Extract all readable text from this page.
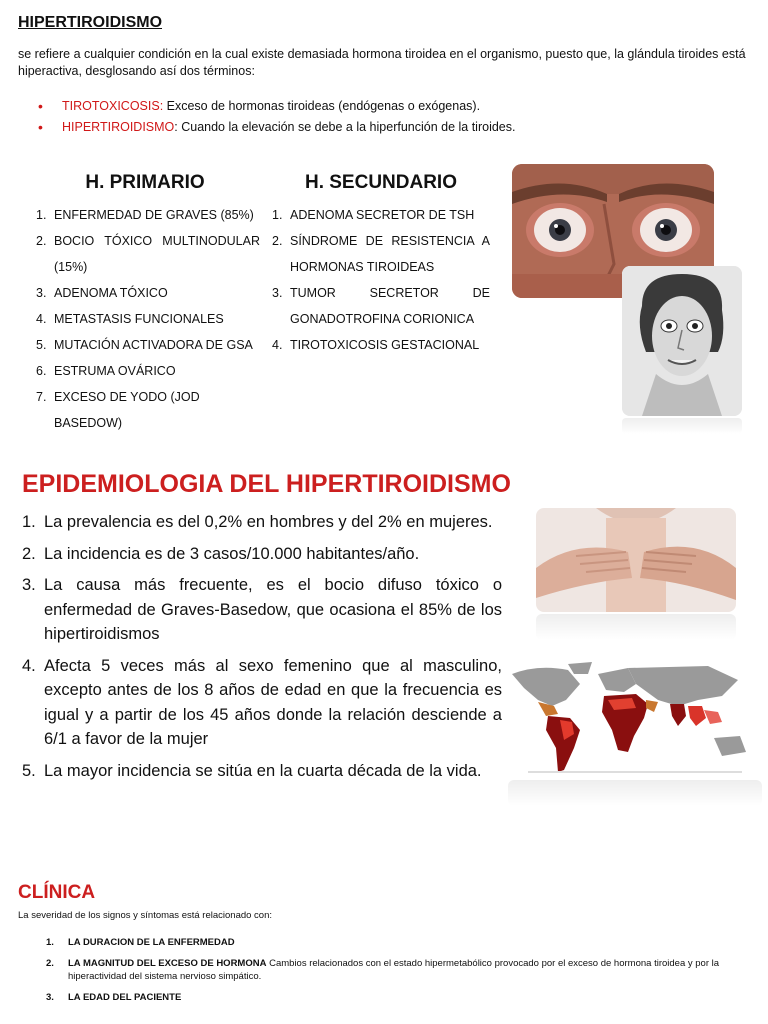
HIPERTIROIDISMO
se refiere a cualquier condición en la cual existe demasiada hormona tiroidea en el organismo, puesto que, la glándula tiroides está hiperactiva, desglosando así dos términos:
• TIROTOXICOSIS: Exceso de hormonas tiroideas (endógenas o exógenas).
• HIPERTIROIDISMO: Cuando la elevación se debe a la hiperfunción de la tiroides.
H. PRIMARIO
1. ENFERMEDAD DE GRAVES (85%)
2. BOCIO TÓXICO MULTINODULAR (15%)
3. ADENOMA TÓXICO
4. METASTASIS FUNCIONALES
5. MUTACIÓN ACTIVADORA DE GSA
6. ESTRUMA OVÁRICO
7. EXCESO DE YODO (JOD BASEDOW)
H. SECUNDARIO
1. ADENOMA SECRETOR DE TSH
2. SÍNDROME DE RESISTENCIA A HORMONAS TIROIDEAS
3. TUMOR SECRETOR DE GONADOTROFINA CORIONICA
4. TIROTOXICOSIS GESTACIONAL
EPIDEMIOLOGIA DEL HIPERTIROIDISMO
1. La prevalencia es del 0,2% en hombres y del 2% en mujeres.
2. La incidencia es de 3 casos/10.000 habitantes/año.
3. La causa más frecuente, es el bocio difuso tóxico o enfermedad de Graves-Basedow, que ocasiona el 85% de los hipertiroidismos
4. Afecta 5 veces más al sexo femenino que al masculino, excepto antes de los 8 años de edad en que la frecuencia es igual y a partir de los 45 años donde la relación desciende a 6/1 a favor de la mujer
5. La mayor incidencia se sitúa en la cuarta década de la vida.
CLÍNICA
La severidad de los signos y síntomas está relacionado con:
1. LA DURACION DE LA ENFERMEDAD
2. LA MAGNITUD DEL EXCESO DE HORMONA Cambios relacionados con el estado hipermetabólico provocado por el exceso de hormona tiroidea y por la hiperactividad del sistema nervioso simpático.
3. LA EDAD DEL PACIENTE
